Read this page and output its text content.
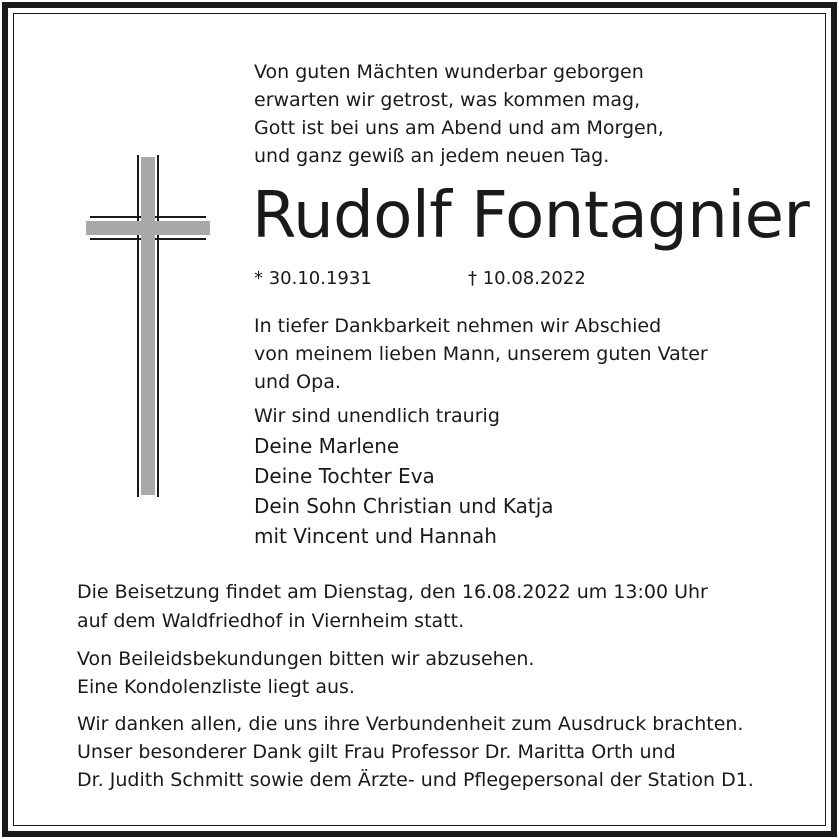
Von guten Mächten wunderbar geborgen
erwarten wir getrost, was kommen mag,
Gott ist bei uns am Abend und am Morgen,
und ganz gewiß an jedem neuen Tag.
Rudolf Fontagnier
* 30.10.1931	† 10.08.2022
In tiefer Dankbarkeit nehmen wir Abschied
von meinem lieben Mann, unserem guten Vater
und Opa.
Wir sind unendlich traurig
Deine Marlene
Deine Tochter Eva
Dein Sohn Christian und Katja
mit Vincent und Hannah
Die Beisetzung findet am Dienstag, den 16.08.2022 um 13:00 Uhr
auf dem Waldfriedhof in Viernheim statt.
Von Beileidsbekundungen bitten wir abzusehen.
Eine Kondolenzliste liegt aus.
Wir danken allen, die uns ihre Verbundenheit zum Ausdruck brachten.
Unser besonderer Dank gilt Frau Professor Dr. Maritta Orth und
Dr. Judith Schmitt sowie dem Ärzte- und Pflegepersonal der Station D1.
